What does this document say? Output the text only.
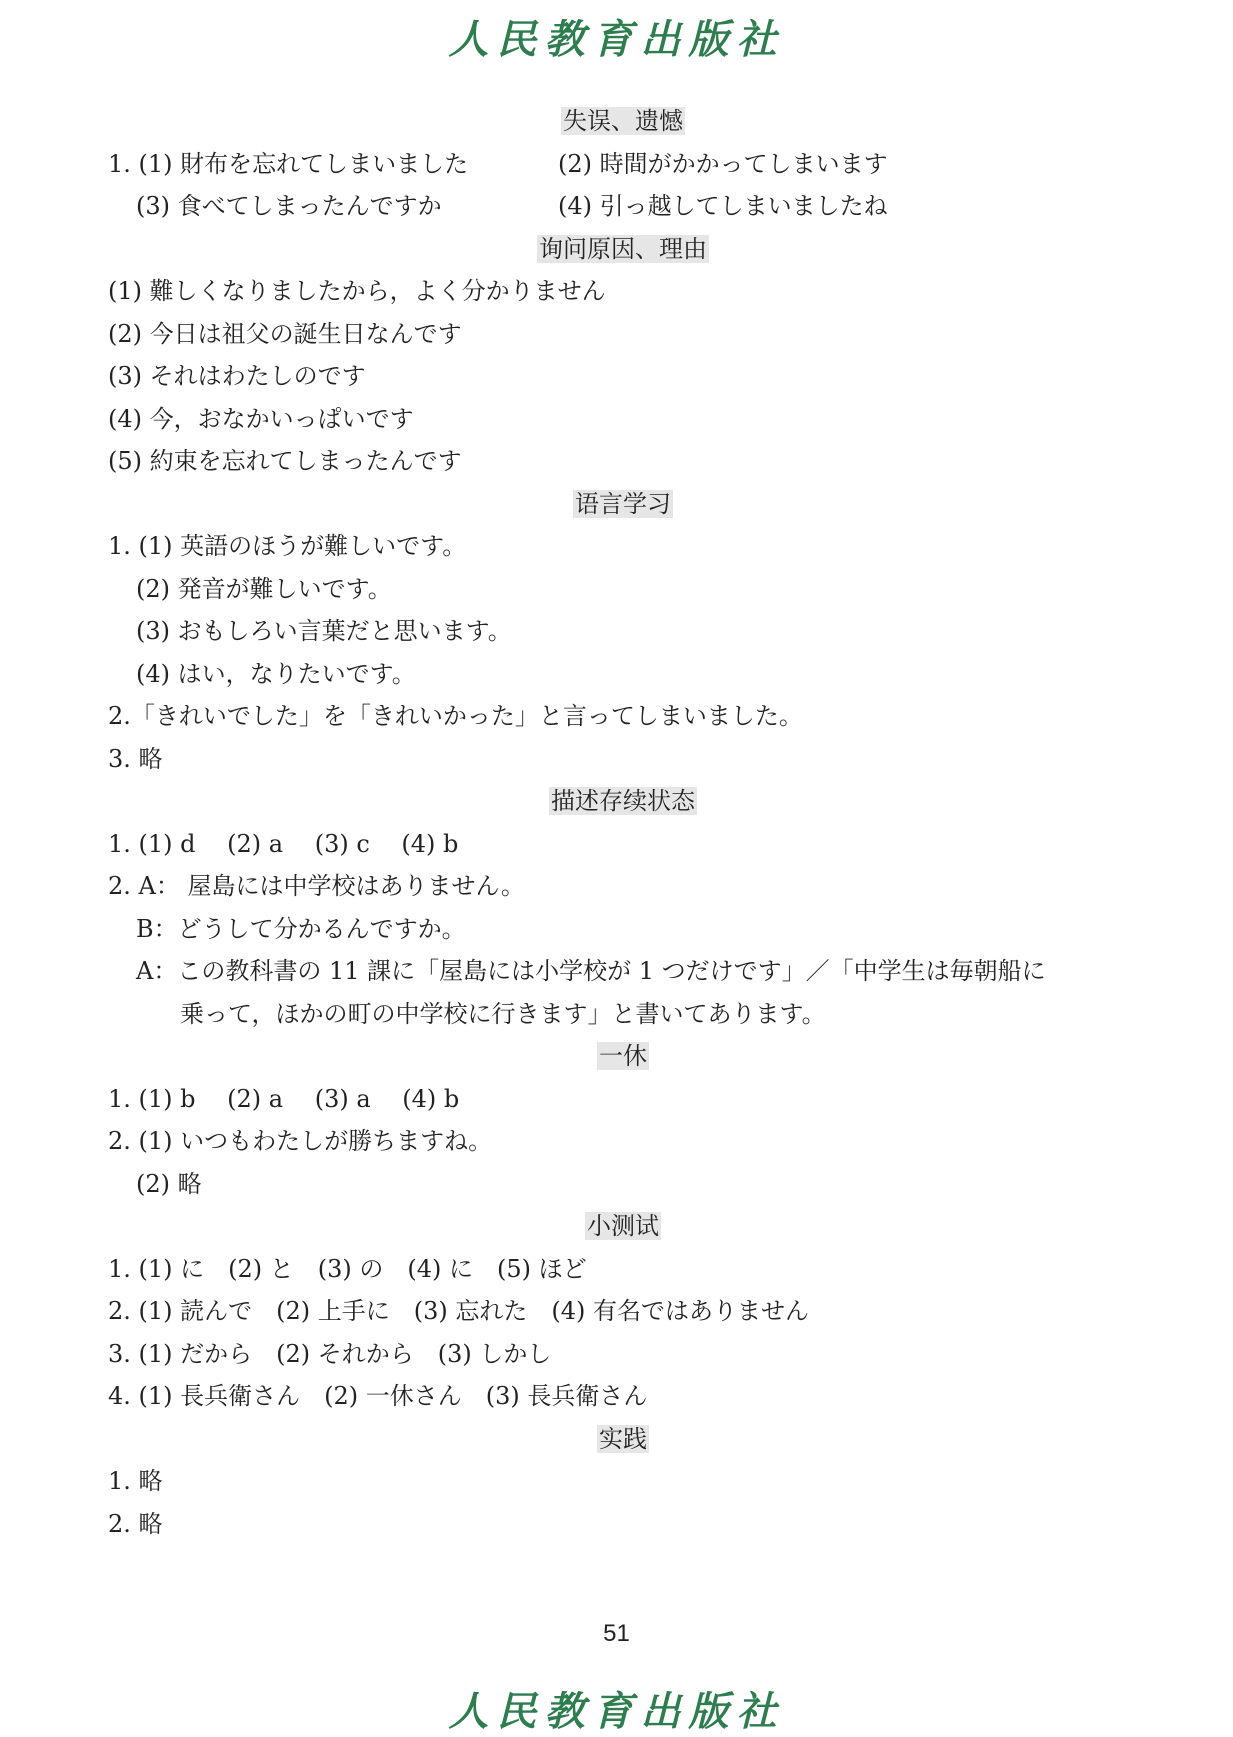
人民教育出版社
失误、遗憾
1. (1) 財布を忘れてしまいました	(2) 時間がかかってしまいます
(3) 食べてしまったんですか	(4) 引っ越してしまいましたね
询问原因、理由
(1) 難しくなりましたから，よく分かりません
(2) 今日は祖父の誕生日なんです
(3) それはわたしのです
(4) 今，おなかいっぱいです
(5) 約束を忘れてしまったんです
语言学习
1. (1) 英語のほうが難しいです。
(2) 発音が難しいです。
(3) おもしろい言葉だと思います。
(4) はい，なりたいです。
2.「きれいでした」を「きれいかった」と言ってしまいました。
3. 略
描述存续状态
1. (1) d　 (2) a　 (3) c　 (4) b
2. A： 屋島には中学校はありません。
B：どうして分かるんですか。
A：この教科書の 11 課に「屋島には小学校が 1 つだけです」／「中学生は毎朝船に
乗って，ほかの町の中学校に行きます」と書いてあります。
一休
1. (1) b　 (2) a　 (3) a　 (4) b
2. (1) いつもわたしが勝ちますね。
(2) 略
小测试
1. (1) に　(2) と　(3) の　(4) に　(5) ほど
2. (1) 読んで　(2) 上手に　(3) 忘れた　(4) 有名ではありません
3. (1) だから　(2) それから　(3) しかし
4. (1) 長兵衛さん　(2) 一休さん　(3) 長兵衛さん
实践
1. 略
2. 略
51
人民教育出版社
